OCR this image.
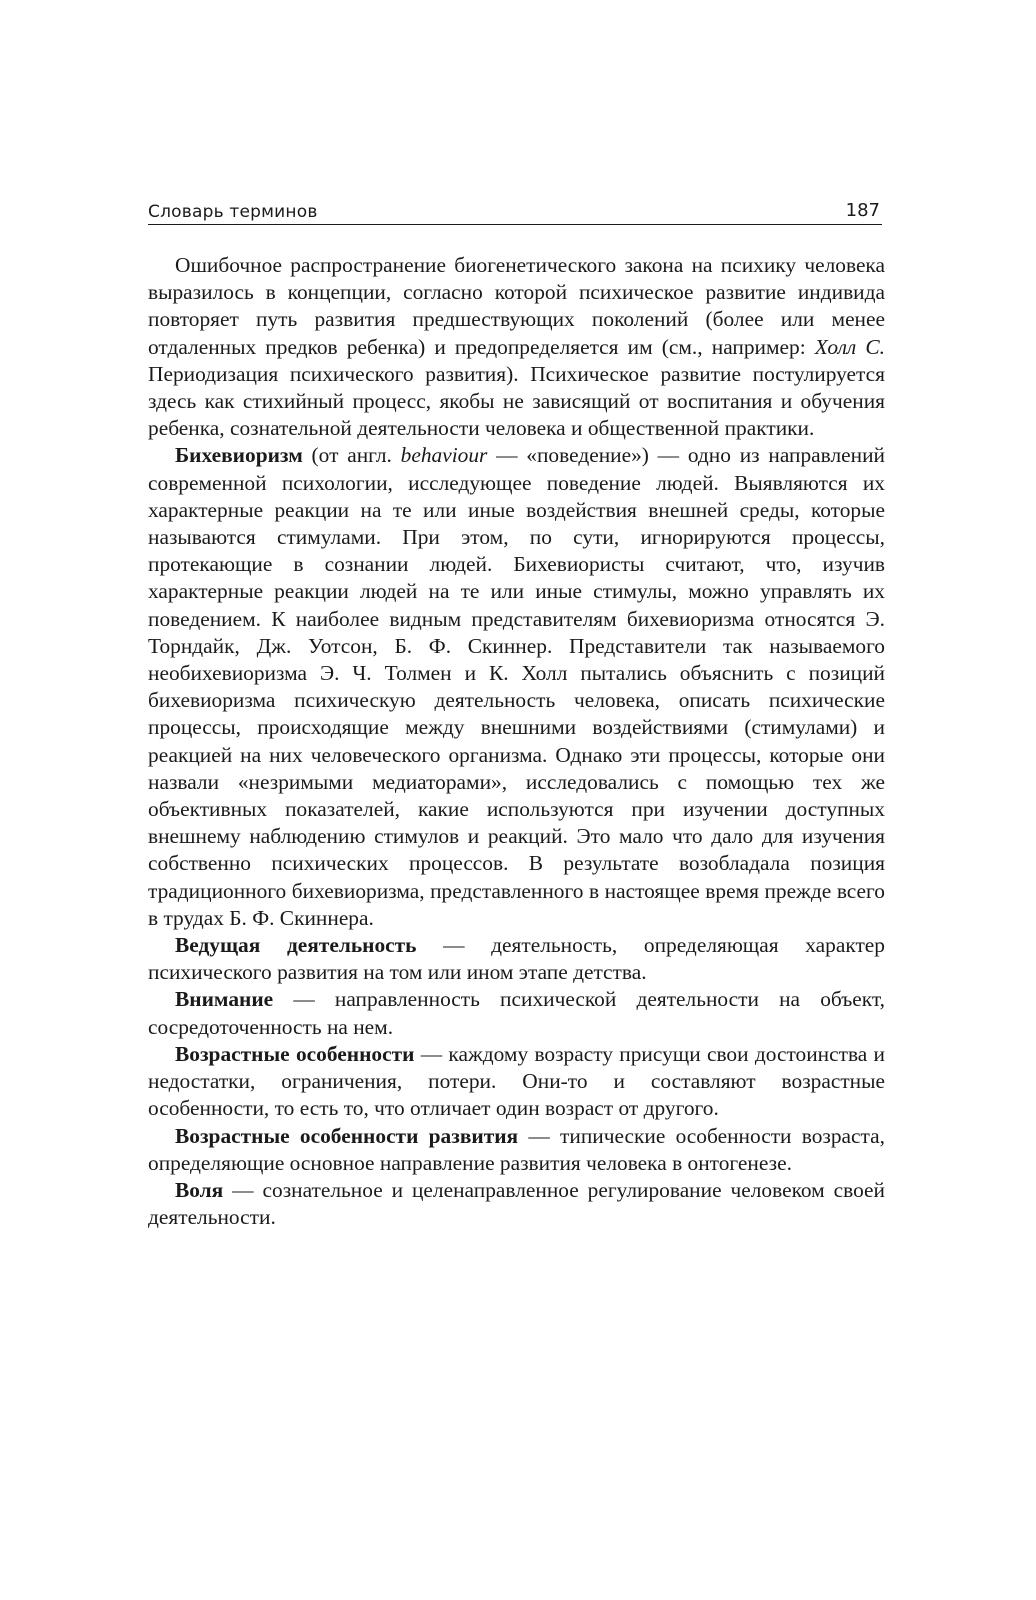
Словарь терминов	187

Ошибочное распространение биогенетического закона на психику человека выразилось в концепции, согласно которой психическое развитие индивида повторяет путь развития предшествующих поколений (более или менее отдаленных предков ребенка) и предопределяется им (см., например: Холл С. Периодизация психического развития). Психическое развитие постулируется здесь как стихийный процесс, якобы не зависящий от воспитания и обучения ребенка, сознательной деятельности человека и общественной практики.

Бихевиоризм (от англ. behaviour — «поведение») — одно из направлений современной психологии, исследующее поведение людей. Выявляются их характерные реакции на те или иные воздействия внешней среды, которые называются стимулами. При этом, по сути, игнорируются процессы, протекающие в сознании людей. Бихевиористы считают, что, изучив характерные реакции людей на те или иные стимулы, можно управлять их поведением. К наиболее видным представителям бихевиоризма относятся Э. Торндайк, Дж. Уотсон, Б. Ф. Скиннер. Представители так называемого необихевиоризма Э. Ч. Толмен и К. Холл пытались объяснить с позиций бихевиоризма психическую деятельность человека, описать психические процессы, происходящие между внешними воздействиями (стимулами) и реакцией на них человеческого организма. Однако эти процессы, которые они назвали «незримыми медиаторами», исследовались с помощью тех же объективных показателей, какие используются при изучении доступных внешнему наблюдению стимулов и реакций. Это мало что дало для изучения собственно психических процессов. В результате возобладала позиция традиционного бихевиоризма, представленного в настоящее время прежде всего в трудах Б. Ф. Скиннера.

Ведущая деятельность — деятельность, определяющая характер психического развития на том или ином этапе детства.

Внимание — направленность психической деятельности на объект, сосредоточенность на нем.

Возрастные особенности — каждому возрасту присущи свои достоинства и недостатки, ограничения, потери. Они-то и составляют возрастные особенности, то есть то, что отличает один возраст от другого.

Возрастные особенности развития — типические особенности возраста, определяющие основное направление развития человека в онтогенезе.

Воля — сознательное и целенаправленное регулирование человеком своей деятельности.
